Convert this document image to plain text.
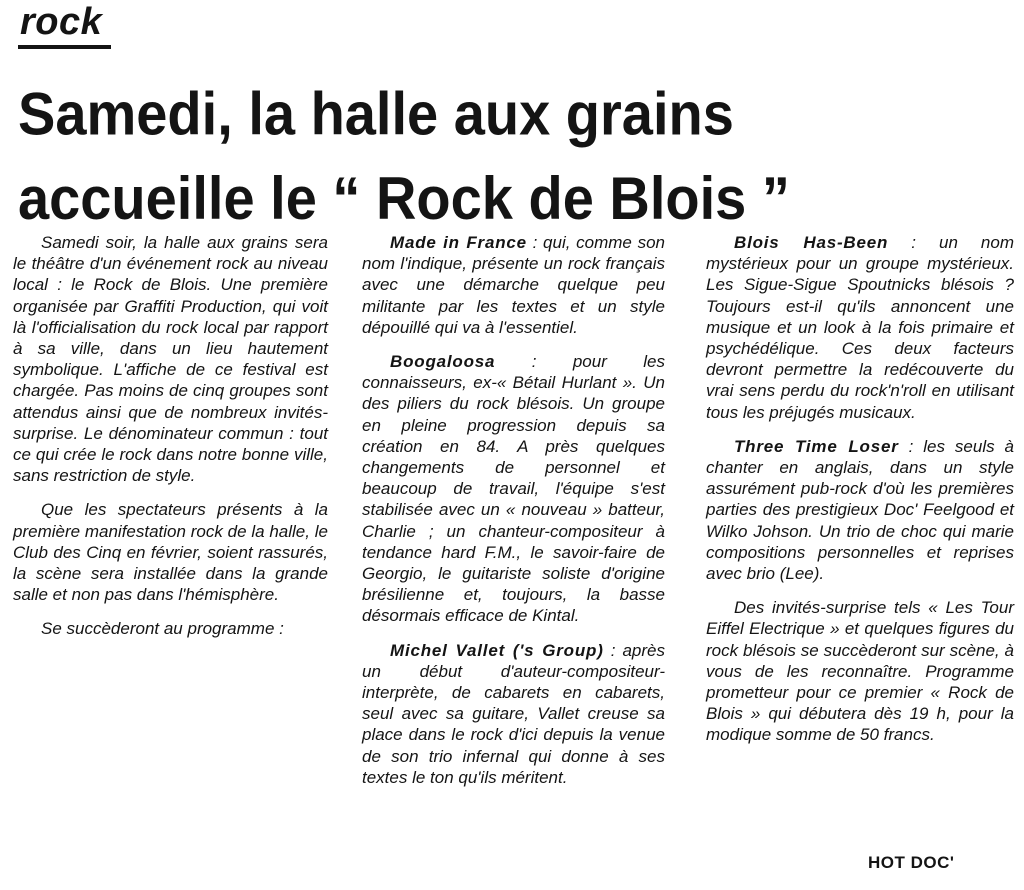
rock
Samedi, la halle aux grains
accueille le “ Rock de Blois ”

Samedi soir, la halle aux grains sera le théâtre d'un événement rock au niveau local : le Rock de Blois. Une première organisée par Graffiti Production, qui voit là l'officialisation du rock local par rapport à sa ville, dans un lieu hautement symbolique. L'affiche de ce festival est chargée. Pas moins de cinq groupes sont attendus ainsi que de nombreux invités-surprise. Le dénominateur commun : tout ce qui crée le rock dans notre bonne ville, sans restriction de style.

Que les spectateurs présents à la première manifestation rock de la halle, le Club des Cinq en février, soient rassurés, la scène sera installée dans la grande salle et non pas dans l'hémisphère.

Se succèderont au programme :

Made in France : qui, comme son nom l'indique, présente un rock français avec une démarche quelque peu militante par les textes et un style dépouillé qui va à l'essentiel.

Boogaloosa : pour les connaisseurs, ex-« Bétail Hurlant ». Un des piliers du rock blésois. Un groupe en pleine progression depuis sa création en 84. A près quelques changements de personnel et beaucoup de travail, l'équipe s'est stabilisée avec un « nouveau » batteur, Charlie ; un chanteur-compositeur à tendance hard F.M., le savoir-faire de Georgio, le guitariste soliste d'origine brésilienne et, toujours, la basse désormais efficace de Kintal.

Michel Vallet ('s Group) : après un début d'auteur-compositeur-interprète, de cabarets en cabarets, seul avec sa guitare, Vallet creuse sa place dans le rock d'ici depuis la venue de son trio infernal qui donne à ses textes le ton qu'ils méritent.

Blois Has-Been : un nom mystérieux pour un groupe mystérieux. Les Sigue-Sigue Spoutnicks blésois ? Toujours est-il qu'ils annoncent une musique et un look à la fois primaire et psychédélique. Ces deux facteurs devront permettre la redécouverte du vrai sens perdu du rock'n'roll en utilisant tous les préjugés musicaux.

Three Time Loser : les seuls à chanter en anglais, dans un style assurément pub-rock d'où les premières parties des prestigieux Doc' Feelgood et Wilko Johson. Un trio de choc qui marie compositions personnelles et reprises avec brio (Lee).

Des invités-surprise tels « Les Tour Eiffel Electrique » et quelques figures du rock blésois se succèderont sur scène, à vous de les reconnaître. Programme prometteur pour ce premier « Rock de Blois » qui débutera dès 19 h, pour la modique somme de 50 francs.

HOT DOC'
